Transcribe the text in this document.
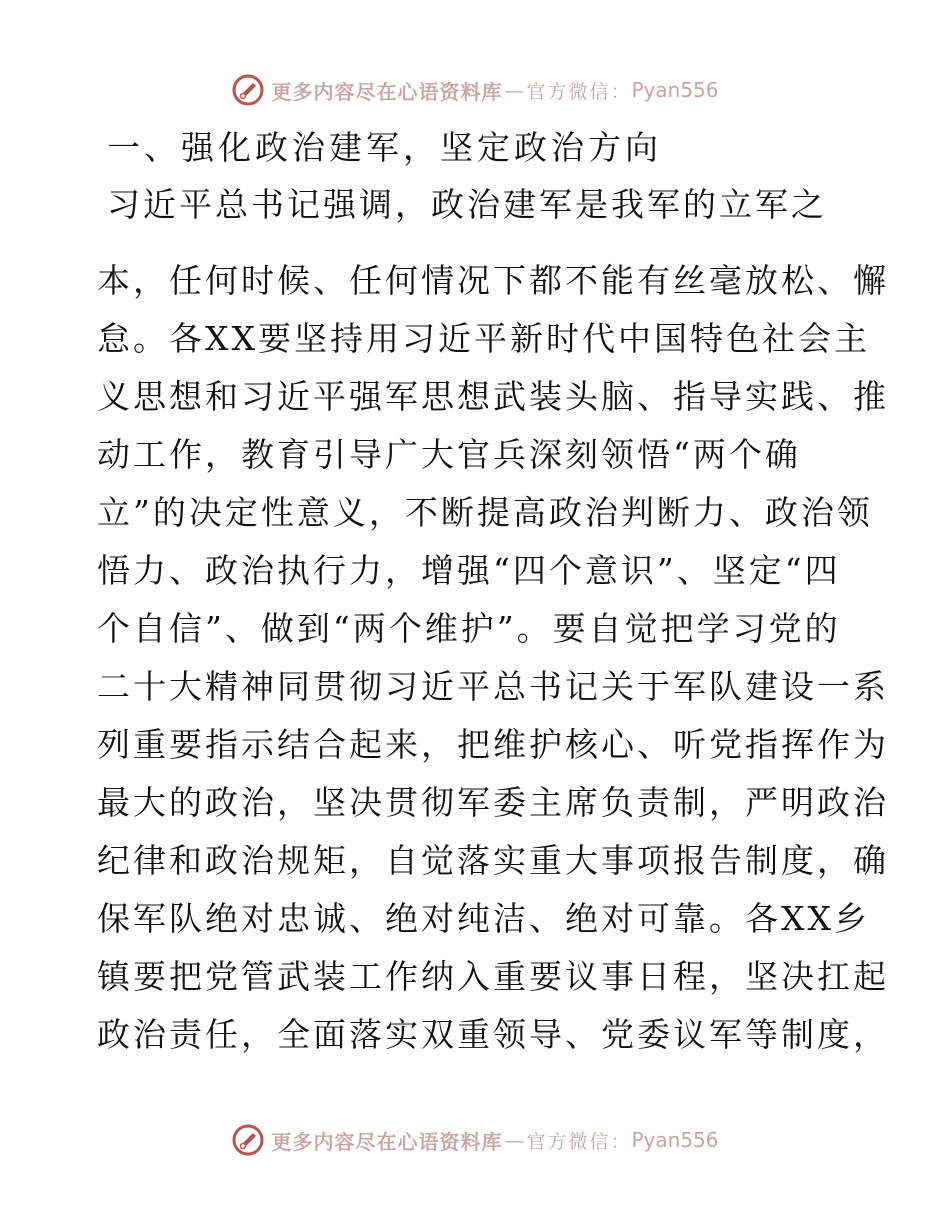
更多内容尽在心语资料库 — 官方微信： Pyan556
一、强化政治建军，坚定政治方向
习近平总书记强调，政治建军是我军的立军之
本，任何时候、任何情况下都不能有丝毫放松、懈
怠。各XX要坚持用习近平新时代中国特色社会主
义思想和习近平强军思想武装头脑、指导实践、推
动工作，教育引导广大官兵深刻领悟“两个确
立”的决定性意义，不断提高政治判断力、政治领
悟力、政治执行力，增强“四个意识”、坚定“四
个自信”、做到“两个维护”。要自觉把学习党的
二十大精神同贯彻习近平总书记关于军队建设一系
列重要指示结合起来，把维护核心、听党指挥作为
最大的政治，坚决贯彻军委主席负责制，严明政治
纪律和政治规矩，自觉落实重大事项报告制度，确
保军队绝对忠诚、绝对纯洁、绝对可靠。各XX乡
镇要把党管武装工作纳入重要议事日程，坚决扛起
政治责任，全面落实双重领导、党委议军等制度，
更多内容尽在心语资料库 — 官方微信： Pyan556
